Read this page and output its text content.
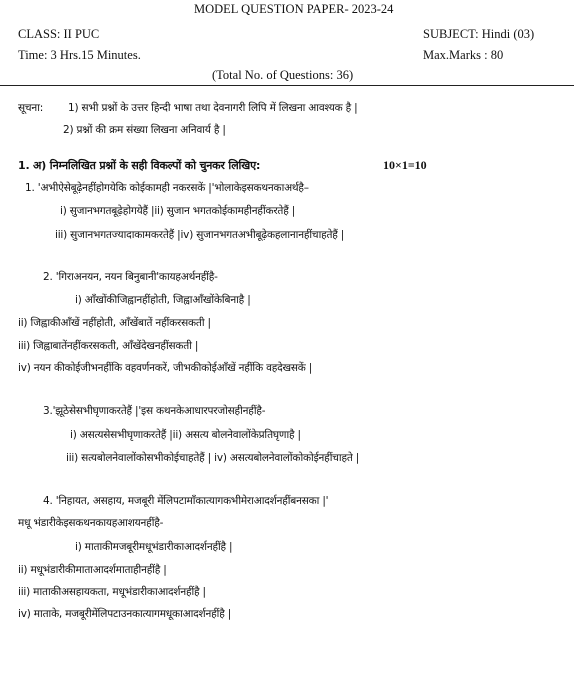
MODEL QUESTION PAPER- 2023-24
CLASS: II PUC	SUBJECT: Hindi (03)
Time: 3 Hrs.15 Minutes.	Max.Marks : 80
(Total No. of Questions: 36)
सूचना: 1) सभी प्रश्नों के उत्तर हिन्दी भाषा तथा देवनागरी लिपि में लिखना आवश्यक है |
2) प्रश्नों की क्रम संख्या लिखना अनिवार्य है |
1. अ) निम्नलिखित प्रश्नों के सही विकल्पों को चुनकर लिखिए:	10×1=10
1. 'अभीऐसेबूढ़ेनहींहोगयेकि कोईकामही नकरसकें |'भोलाकेइसकथनकाअर्थहै–
i) सुजानभगतबूढ़ेहोगयेहैं |ii) सुजान भगतकोईकामहीनहींकरतेहैं |
iii) सुजानभगतज्यादाकामकरतेहैं |iv) सुजानभगतअभीबूढ़ेकहलानानहींचाहतेहैं |
2. 'गिराअनयन, नयन बिनुबानी'कायहअर्थनहींहै-
i) आँखोंकीजिह्वानहींहोती, जिह्वाआँखोंकेबिनाहै |
ii) जिह्वाकीआँखें नहींहोती, आँखेंबातें नहींकरसकती |
iii) जिह्वाबातेंनहींकरसकती, आँखेंदेखनहींसकती |
iv) नयन कीकोईजीभनहींकि वहवर्णनकरें, जीभकीकोईआँखें नहींकि वहदेखसकें |
3.'झूठेसेसभीघृणाकरतेहैं |'इस कथनकेआधारपरजोसहीनहींहै-
i) असत्यसेसभीघृणाकरतेहैं |ii) असत्य बोलनेवालोंकेप्रतिघृणाहै |
iii) सत्यबोलनेवालोंकोसभीकोईचाहतेहैं | iv) असत्यबोलनेवालोंकोकोईनहींचाहते |
4. 'निहायत, असहाय, मजबूरी मेंलिपटामाँकात्यागकभीमेराआदर्शनहींबनसका |'
मधू भंडारीकेइसकथनकायहआशयनहींहै-
i) माताकीमजबूरीमधूभंडारीकाआदर्शनहींहै |
ii) मधूभंडारीकीमाताआदर्शमाताहीनहींहै |
iii) माताकीअसहायकता, मधूभंडारीकाआदर्शनहींहै |
iv) माताके, मजबूरीमेंलिपटाउनकात्यागमधूकाआदर्शनहींहै |
